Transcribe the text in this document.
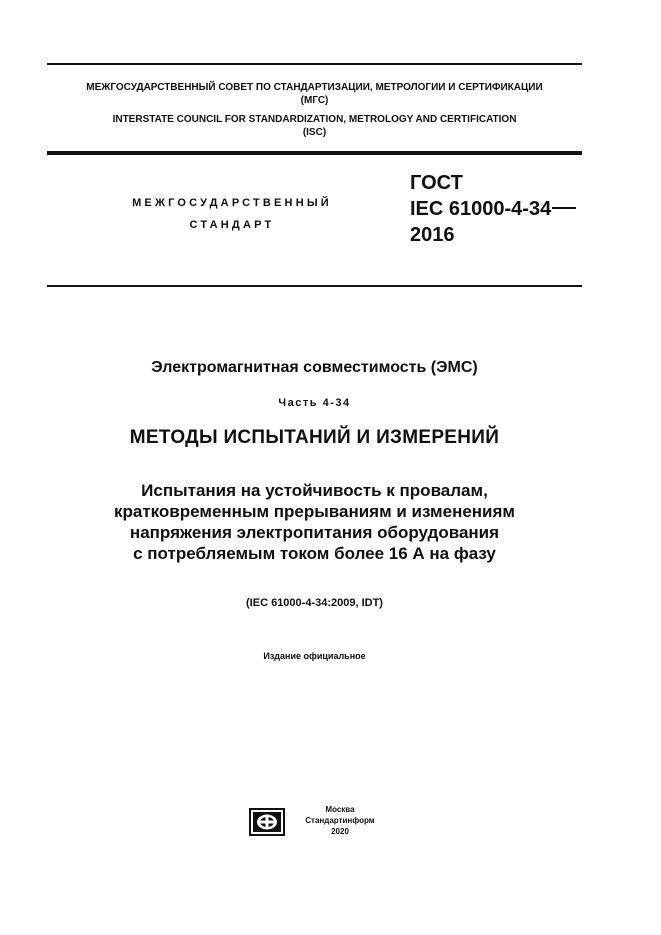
МЕЖГОСУДАРСТВЕННЫЙ СОВЕТ ПО СТАНДАРТИЗАЦИИ, МЕТРОЛОГИИ И СЕРТИФИКАЦИИ
(МГС)
INTERSTATE COUNCIL FOR STANDARDIZATION, METROLOGY AND CERTIFICATION
(ISC)
МЕЖГОСУДАРСТВЕННЫЙ
СТАНДАРТ
ГОСТ
IEC 61000-4-34
2016
Электромагнитная совместимость (ЭМС)
Часть 4-34
МЕТОДЫ ИСПЫТАНИЙ И ИЗМЕРЕНИЙ
Испытания на устойчивость к провалам,
кратковременным прерываниям и изменениям
напряжения электропитания оборудования
с потребляемым током более 16 А на фазу
(IEC 61000-4-34:2009, IDT)
Издание официальное
Москва
Стандартинформ
2020
